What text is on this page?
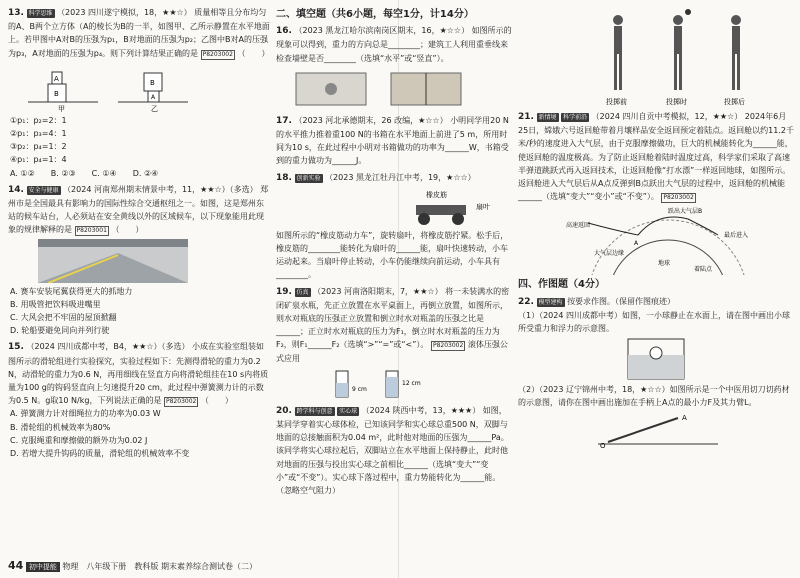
13. 科学思维 （2023 四川遂宁模拟，18，★★☆） 质量相等且分布均匀的A、B两个立方体（A的棱长为B的一半，如图甲、乙所示静置在水平地面上。若甲图中A对B的压强为p₁，B对地面的压强为p₂；乙图中B对A的压强为p₃，A对地面的压强为p₄。则下列计算结果正确的是 P8203002 （　　）
A
B
B
A
甲	乙
①p₁：p₂=2：1
②p₁：p₃=4：1
③p₂：p₄=1：2
④p₁：p₄=1：4
A. ①②　　B. ②③　　C. ①④　　D. ②④
14. 安全与健康 （2024 河南郑州期末情景中考，11，★★☆）（多选） 郑州市是全国最具有影响力的国际性综合交通枢纽之一。如图，这是郑州东站的候车站台，人必须站在安全黄线以外的区域候车，以下现象能用此现象的规律解释的是 P8203001 （　　）
A. 赛车安装尾翼获得更大的抓地力
B. 用吸管把饮料吸进嘴里
C. 大风会把不牢固的屋顶掀翻
D. 轮船要避免同向并列行驶
15. （2024 四川成都中考，B4，★★☆）（多选） 小成在实验室组装如图所示的滑轮组进行实验探究，实验过程如下：先测得滑轮的重力为0.2 N，动滑轮的重力为0.6 N，再用细线在竖直方向将滑轮组挂在10 s内将质量为100 g的钩码竖直向上匀速提升20 cm，此过程中弹簧测力计的示数为0.5 N。g取10 N/kg，下列说法正确的是 P8203002 （　　）
A. 弹簧测力计对细绳拉力的功率为0.03 W
B. 滑轮组的机械效率为80%
C. 克服绳重和摩擦做的额外功为0.02 J
D. 若增大提升钩码的质量，滑轮组的机械效率不变
二、填空题（共6小题，每空1分，计14分）
16. （2023 黑龙江哈尔滨南岗区期末，16，★☆☆） 如图所示的现象可以得到，重力的方向总是________；建筑工人利用重垂线来检查墙壁是否________（选填“水平”或“竖直”）。
17. （2023 河北承德期末，26 改编，★☆☆） 小明同学用20 N的水平推力推着重100 N的书箱在水平地面上前进了5 m，所用时间为10 s，在此过程中小明对书箱做功的功率为______W，书箱受到的重力做功为______J。
18. 创新实验 （2023 黑龙江牡丹江中考，19，★☆☆）
橡皮筋
扇叶
如图所示的“橡皮筋动力车”，旋转扇叶，将橡皮筋拧紧。松手后，橡皮筋的________能转化为扇叶的______能，扇叶快速转动，小车运动起来。当扇叶停止转动，小车仍能继续向前运动，小车具有________。
19. 仿真 （2023 河南洛阳期末，7，★★☆） 将一未装满水的密闭矿泉水瓶，先正立放置在水平桌面上，再倒立放置，如图所示，则水对瓶底的压强正立放置和倒立时水对瓶盖的压强之比是______；正立时水对瓶底的压力为F₁，倒立时水对瓶盖的压力为F₂，则F₁______F₂（选填“>”“=”或“<”）。 P8203002 滚体压强公式应用
9 cm
12 cm
20. 跨学科与创意 实心球 （2024 陕西中考，13，★★★） 如图，某同学穿着实心球体检，已知该同学和实心球总重500 N，双脚与地面的总接触面积为0.04 m²，此时他对地面的压强为______Pa。该同学将实心球拉起后，双脚站立在水平地面上保持静止，此时他对地面的压强与投出实心球之前相比______（选填“变大”“变小”或“不变”）。实心球下落过程中，重力势能转化为______能。（忽略空气阻力）
投掷前	投掷时	投掷后
21. 新情境 科学前沿 （2024 四川自贡中考模拟，12，★★☆） 2024年6月25日，嫦娥六号返回舱带着月壤样品安全返回预定着陆点。返回舱以约11.2千米/秒的速度进入大气层，由于克服摩擦做功，巨大的机械能转化为______能，使返回舱的温度极高。为了防止返回舱着陆时温度过高，科学家们采取了高速半弹道跳跃式再入返回技术，让返回舱像“打水漂”一样返回地球，如图所示。返回舱进入大气层后从A点反弹到B点跃出大气层的过程中，返回舱的机械能______（选填“变大”“变小”或“不变”）。 P8203002
跃出大气层B
高速返回
A
最后进入
大气层边缘
地球
着陆点
四、作图题（4分）
22. 模型建构 按要求作图。（保留作图痕迹）
（1）（2024 四川成都中考）如图，一小球静止在水面上，请在图中画出小球所受重力和浮力的示意图。
（2）（2023 辽宁锦州中考，18，★☆☆）如图所示是一个中医用切刀切药材的示意图，请你在图中画出施加在手柄上A点的最小力F及其力臂L。
A
O
44 初中提能 物理　八年级下册　教科版 期末素养综合测试卷（二）
